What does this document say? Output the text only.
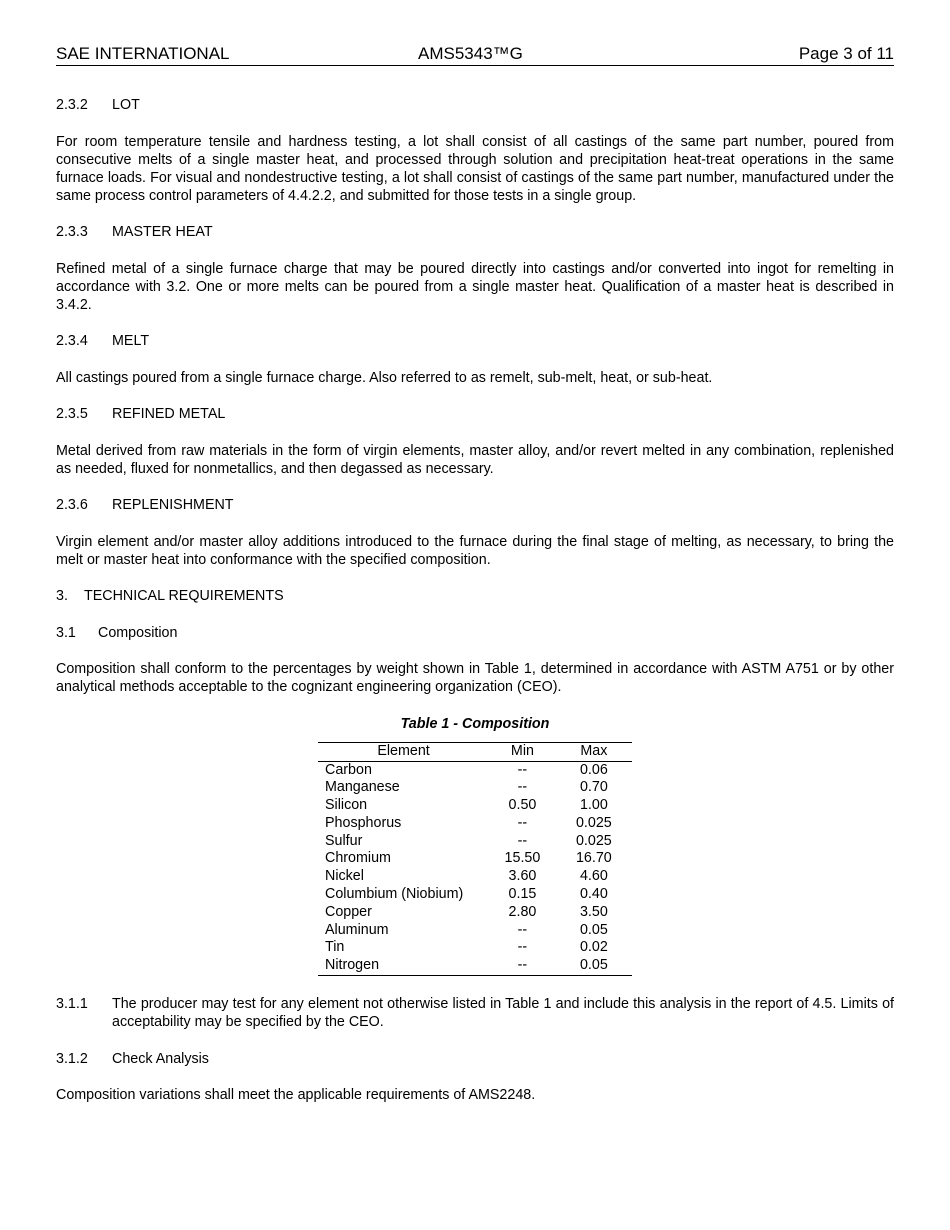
SAE INTERNATIONAL	AMS5343™G	Page 3 of 11

2.3.2 LOT

For room temperature tensile and hardness testing, a lot shall consist of all castings of the same part number, poured from consecutive melts of a single master heat, and processed through solution and precipitation heat-treat operations in the same furnace loads. For visual and nondestructive testing, a lot shall consist of castings of the same part number, manufactured under the same process control parameters of 4.4.2.2, and submitted for those tests in a single group.

2.3.3 MASTER HEAT

Refined metal of a single furnace charge that may be poured directly into castings and/or converted into ingot for remelting in accordance with 3.2. One or more melts can be poured from a single master heat. Qualification of a master heat is described in 3.4.2.

2.3.4 MELT

All castings poured from a single furnace charge. Also referred to as remelt, sub-melt, heat, or sub-heat.

2.3.5 REFINED METAL

Metal derived from raw materials in the form of virgin elements, master alloy, and/or revert melted in any combination, replenished as needed, fluxed for nonmetallics, and then degassed as necessary.

2.3.6 REPLENISHMENT

Virgin element and/or master alloy additions introduced to the furnace during the final stage of melting, as necessary, to bring the melt or master heat into conformance with the specified composition.

3. TECHNICAL REQUIREMENTS

3.1 Composition

Composition shall conform to the percentages by weight shown in Table 1, determined in accordance with ASTM A751 or by other analytical methods acceptable to the cognizant engineering organization (CEO).

Table 1 - Composition

Element	Min	Max
Carbon	--	0.06
Manganese	--	0.70
Silicon	0.50	1.00
Phosphorus	--	0.025
Sulfur	--	0.025
Chromium	15.50	16.70
Nickel	3.60	4.60
Columbium (Niobium)	0.15	0.40
Copper	2.80	3.50
Aluminum	--	0.05
Tin	--	0.02
Nitrogen	--	0.05
3.1.1	The producer may test for any element not otherwise listed in Table 1 and include this analysis in the report of 4.5. Limits of acceptability may be specified by the CEO.

3.1.2 Check Analysis

Composition variations shall meet the applicable requirements of AMS2248.
